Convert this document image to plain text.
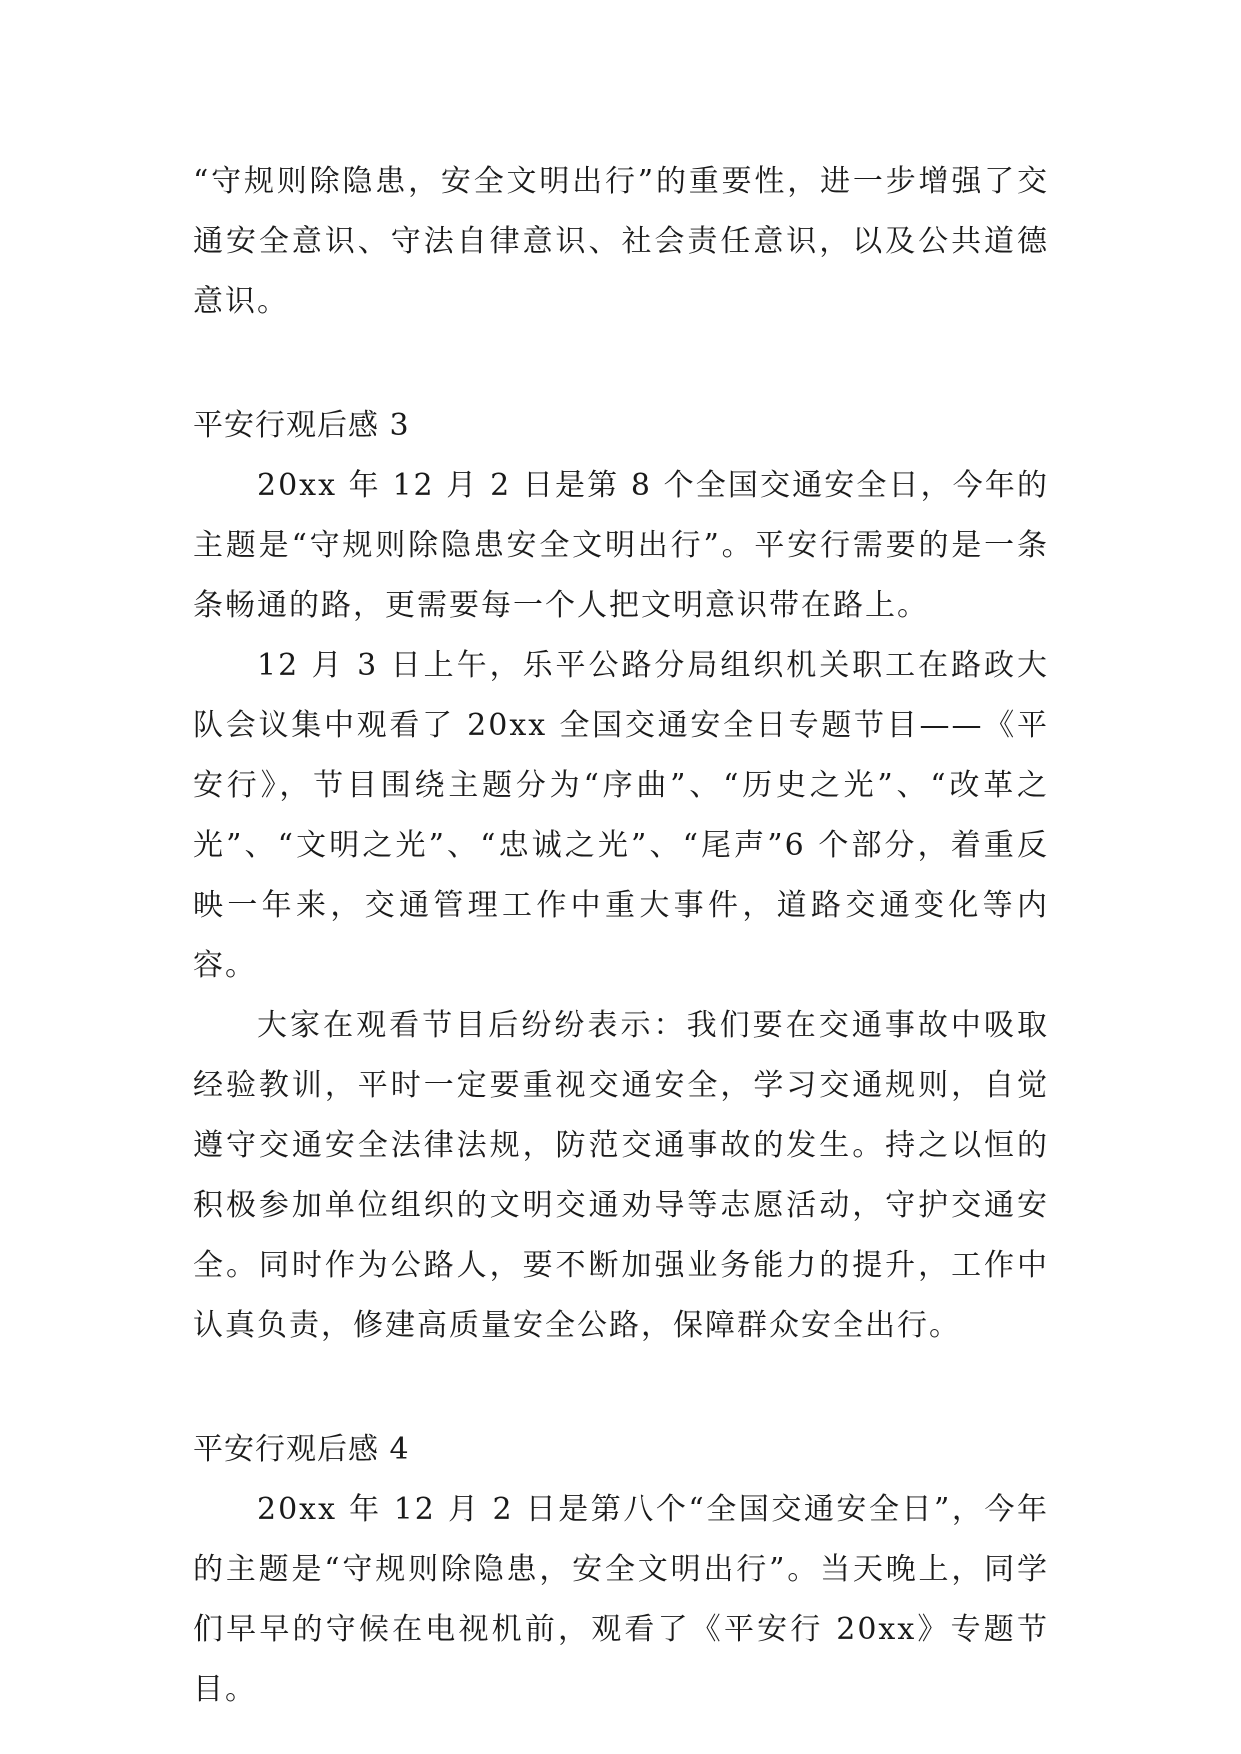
“守规则除隐患，安全文明出行”的重要性，进一步增强了交通安全意识、守法自律意识、社会责任意识，以及公共道德意识。

平安行观后感 3

20xx 年 12 月 2 日是第 8 个全国交通安全日，今年的主题是“守规则除隐患安全文明出行”。平安行需要的是一条条畅通的路，更需要每一个人把文明意识带在路上。

12 月 3 日上午，乐平公路分局组织机关职工在路政大队会议集中观看了 20xx 全国交通安全日专题节目——《平安行》，节目围绕主题分为“序曲”、“历史之光”、“改革之光”、“文明之光”、“忠诚之光”、“尾声”6 个部分，着重反映一年来，交通管理工作中重大事件，道路交通变化等内容。

大家在观看节目后纷纷表示：我们要在交通事故中吸取经验教训，平时一定要重视交通安全，学习交通规则，自觉遵守交通安全法律法规，防范交通事故的发生。持之以恒的积极参加单位组织的文明交通劝导等志愿活动，守护交通安全。同时作为公路人，要不断加强业务能力的提升，工作中认真负责，修建高质量安全公路，保障群众安全出行。

平安行观后感 4

20xx 年 12 月 2 日是第八个“全国交通安全日”，今年的主题是“守规则除隐患，安全文明出行”。当天晚上，同学们早早的守候在电视机前，观看了《平安行 20xx》专题节目。
